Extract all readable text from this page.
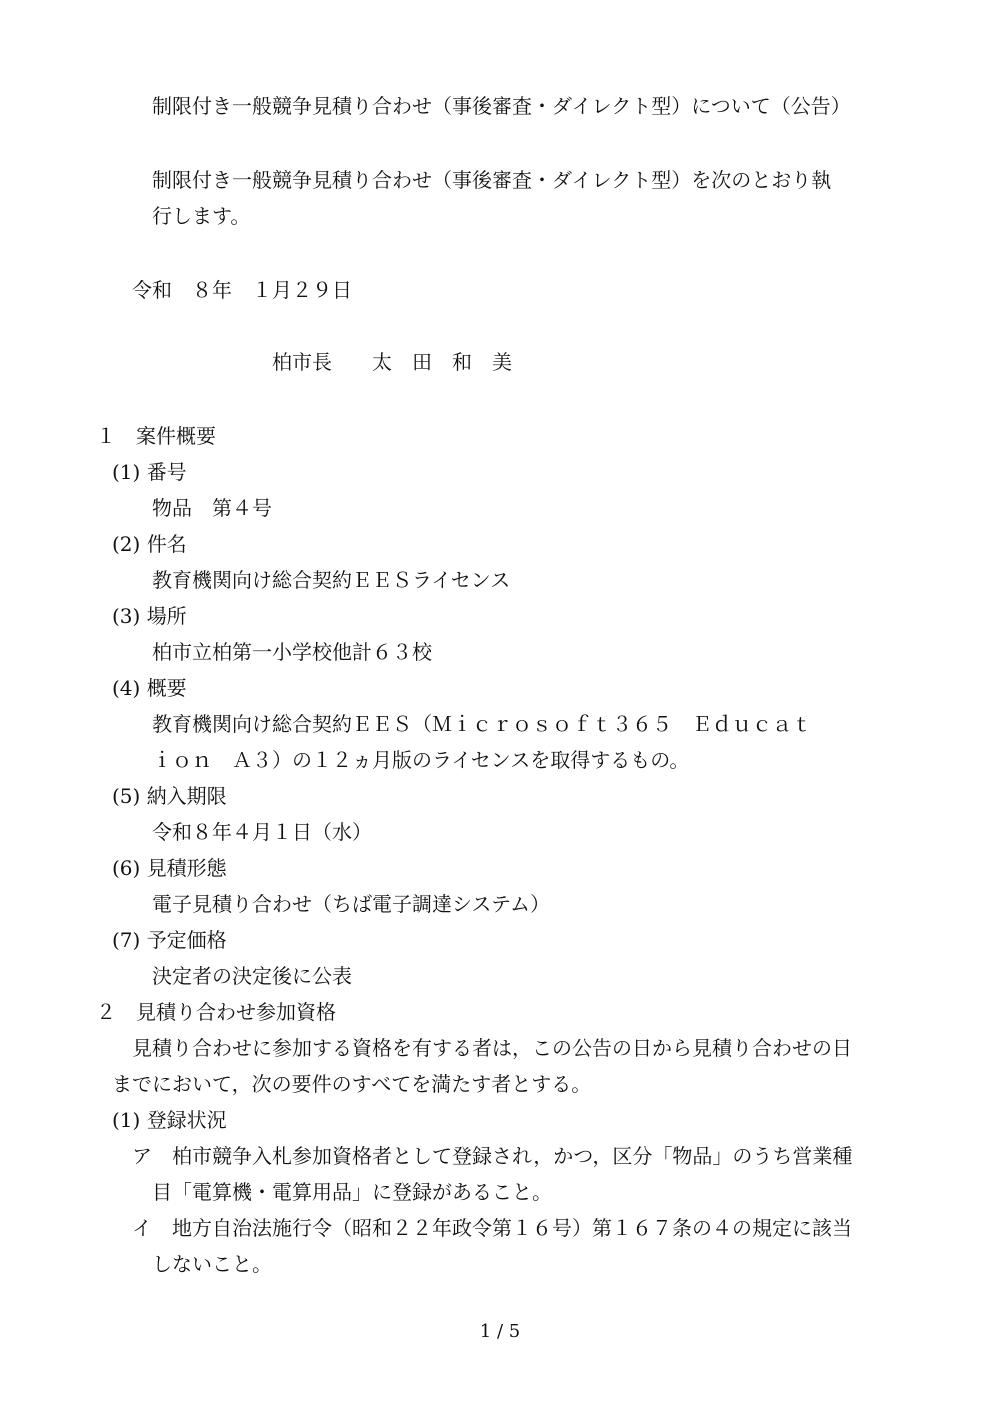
制限付き一般競争見積り合わせ（事後審査・ダイレクト型）について（公告）
制限付き一般競争見積り合わせ（事後審査・ダイレクト型）を次のとおり執
行します。
令和　８年　１月２９日
柏市長　　太　田　和　美
１　案件概要
(1) 番号
物品　第４号
(2) 件名
教育機関向け総合契約ＥＥＳライセンス
(3) 場所
柏市立柏第一小学校他計６３校
(4) 概要
教育機関向け総合契約ＥＥＳ（Ｍｉｃｒｏｓｏｆｔ３６５　Ｅｄｕｃａｔ
ｉｏｎ　Ａ３）の１２ヵ月版のライセンスを取得するもの。
(5) 納入期限
令和８年４月１日（水）
(6) 見積形態
電子見積り合わせ（ちば電子調達システム）
(7) 予定価格
決定者の決定後に公表
２　見積り合わせ参加資格
見積り合わせに参加する資格を有する者は，この公告の日から見積り合わせの日
までにおいて，次の要件のすべてを満たす者とする。
(1) 登録状況
ア　柏市競争入札参加資格者として登録され，かつ，区分「物品」のうち営業種
目「電算機・電算用品」に登録があること。
イ　地方自治法施行令（昭和２２年政令第１６号）第１６７条の４の規定に該当
しないこと。
1 / 5
